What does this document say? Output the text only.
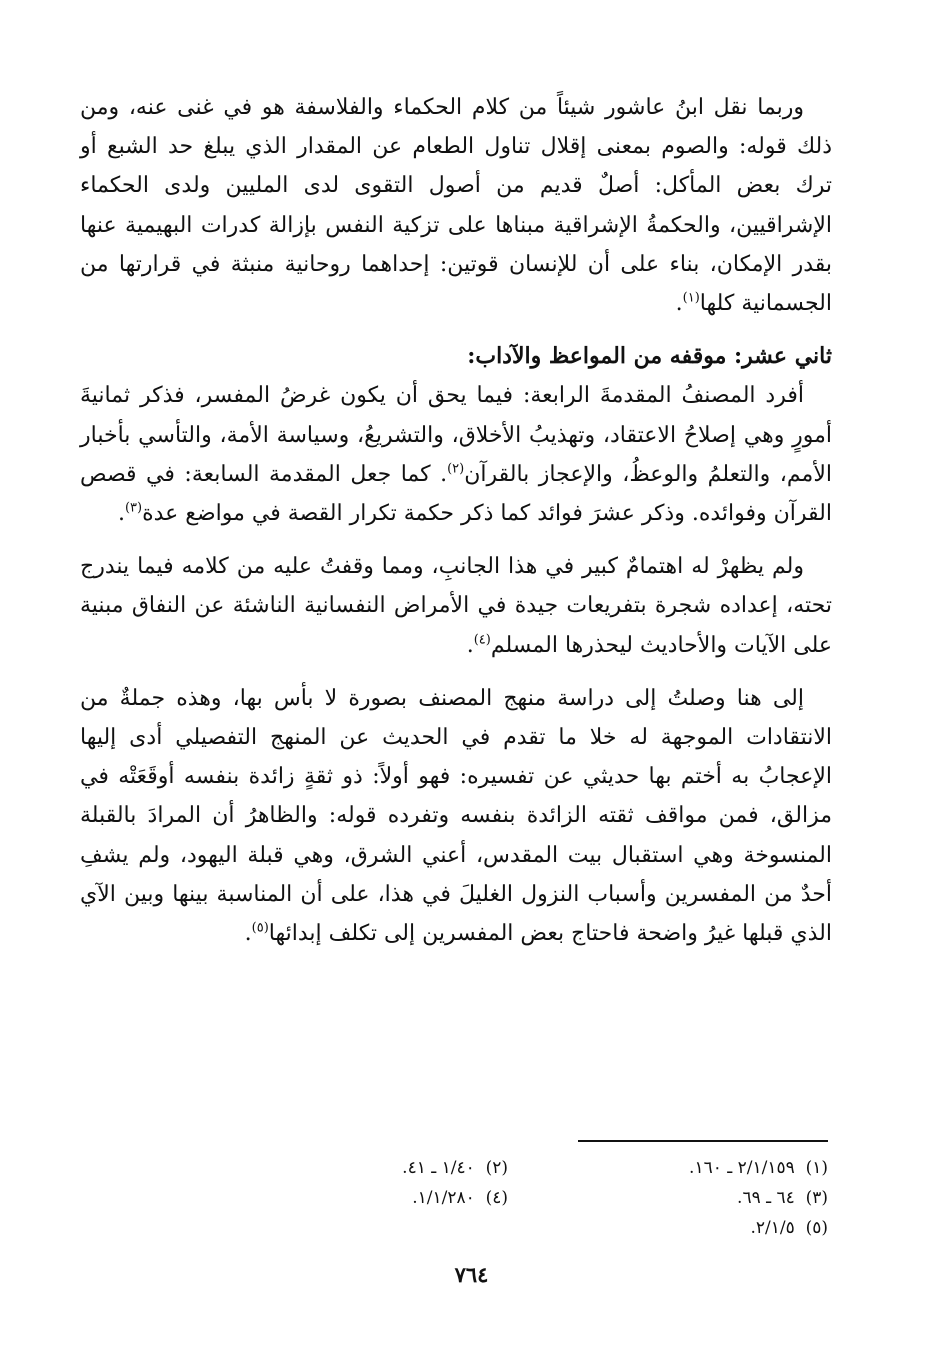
وربما نقل ابنُ عاشور شيئاً من كلام الحكماء والفلاسفة هو في غنى عنه، ومن ذلك قوله: والصوم بمعنى إقلال تناول الطعام عن المقدار الذي يبلغ حد الشبع أو ترك بعض المأكل: أصلٌ قديم من أصول التقوى لدى المليين ولدى الحكماء الإشراقيين، والحكمةُ الإشراقية مبناها على تزكية النفس بإزالة كدرات البهيمية عنها بقدر الإمكان، بناء على أن للإنسان قوتين: إحداهما روحانية منبثة في قرارتها من الجسمانية كلها$^{(١)}$.

ثاني عشر: موقفه من المواعظ والآداب:

أفرد المصنفُ المقدمةَ الرابعة: فيما يحق أن يكون غرضُ المفسر، فذكر ثمانيةَ أمورٍ وهي إصلاحُ الاعتقاد، وتهذيبُ الأخلاق، والتشريعُ، وسياسة الأمة، والتأسي بأخبار الأمم، والتعلمُ والوعظُ، والإعجاز بالقرآن$^{(٢)}$. كما جعل المقدمة السابعة: في قصص القرآن وفوائده. وذكر عشرَ فوائد كما ذكر حكمة تكرار القصة في مواضع عدة$^{(٣)}$.

ولم يظهرْ له اهتمامٌ كبير في هذا الجانبِ، ومما وقفتُ عليه من كلامه فيما يندرج تحته، إعداده شجرة بتفريعات جيدة في الأمراض النفسانية الناشئة عن النفاق مبنية على الآيات والأحاديث ليحذرها المسلم$^{(٤)}$.

إلى هنا وصلتُ إلى دراسة منهج المصنف بصورة لا بأس بها، وهذه جملةٌ من الانتقادات الموجهة له خلا ما تقدم في الحديث عن المنهج التفصيلي أدى إليها الإعجابُ به أختم بها حديثي عن تفسيره: فهو أولاً: ذو ثقةٍ زائدة بنفسه أوقَعَتْه في مزالق، فمن مواقف ثقته الزائدة بنفسه وتفرده قوله: والظاهرُ أن المرادَ بالقبلة المنسوخة وهي استقبال بيت المقدس، أعني الشرق، وهي قبلة اليهود، ولم يشفِ أحدٌ من المفسرين وأسباب النزول الغليلَ في هذا، على أن المناسبة بينها وبين الآي الذي قبلها غيرُ واضحة فاحتاج بعض المفسرين إلى تكلف إبدائها$^{(٥)}$.

(١)  ٢/١/١٥٩ ـ ١٦٠.
(٢)  ١/٤٠ ـ ٤١.
(٣)  ٦٤ ـ ٦٩.
(٤)  ١/١/٢٨٠.
(٥)  ٢/١/٥.
٧٦٤
